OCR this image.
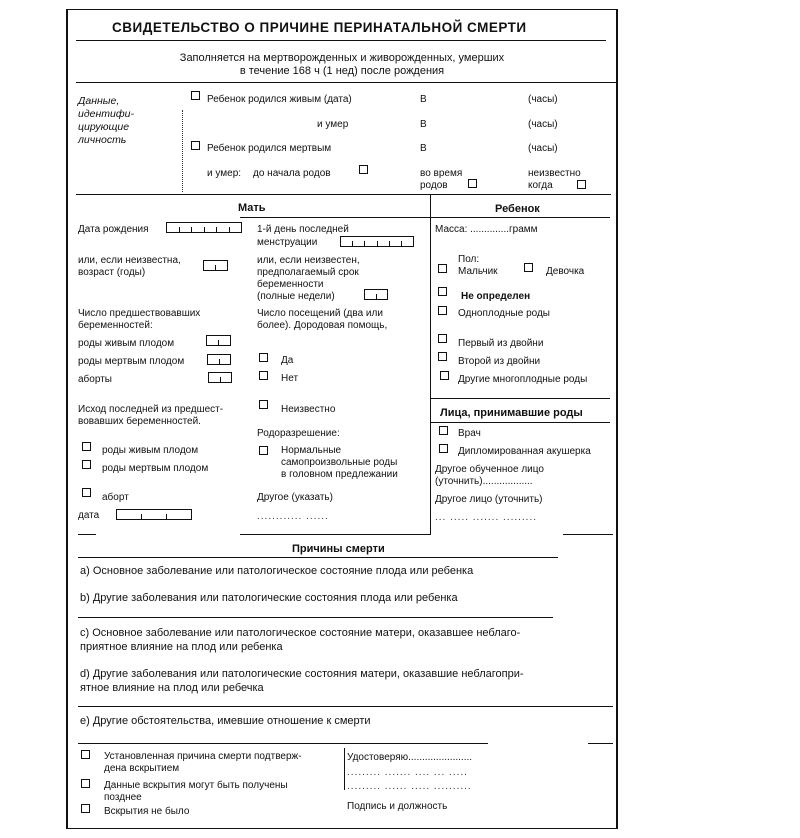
СВИДЕТЕЛЬСТВО О ПРИЧИНЕ ПЕРИНАТАЛЬНОЙ СМЕРТИ
Заполняется на мертворожденных и живорожденных, умерших
в течение 168 ч (1 нед) после рождения
Данные,
идентифи-
цирующие
личность
Ребенок родился живым (дата)	В	(часы)
и умер	В	(часы)
Ребенок родился мертвым	В	(часы)
и умер: до начала родов	во время
родов
неизвестно
когда
Мать	Ребенок
Дата рождения
или, если неизвестна,
возраст (годы)
1-й день последней
менструации
или, если неизвестен,
предполагаемый срок
беременности
(полные недели)
Число предшествовавших
беременностей:
роды живым плодом
роды мертвым плодом
аборты
Число посещений (два или
более). Дородовая помощь,
Да
Нет
Неизвестно
Исход последней из предшест-
вовавших беременностей.
роды живым плодом
роды мертвым плодом
аборт
дата
Родоразрешение:
Нормальные
самопроизвольные роды
в головном предлежании
Другое (указать)
............ ......
Масса: ..............грамм
Пол:
Мальчик	Девочка
Не определен
Одноплодные роды
Первый из двойни
Второй из двойни
Другие многоплодные роды
Лица, принимавшие роды
Врач
Дипломированная акушерка
Другое обученное лицо
(уточнить)..................
Другое лицо (уточнить)
... ..... ....... .........
Причины смерти
a) Основное заболевание или патологическое состояние плода или ребенка
b) Другие заболевания или патологические состояния плода или ребенка
c) Основное заболевание или патологическое состояние матери, оказавшее неблаго-
приятное влияние на плод или ребенка
d) Другие заболевания или патологические состояния матери, оказавшие неблагопри-
ятное влияние на плод или ребечка
e) Другие обстоятельства, имевшие отношение к смерти
Установленная причина смерти подтверж-
дена вскрытием
Данные вскрытия могут быть получены
позднее
Вскрытия не было
Удостоверяю.......................
......... ....... .... ... .....
......... ...... ..... ..........
Подпись и должность
